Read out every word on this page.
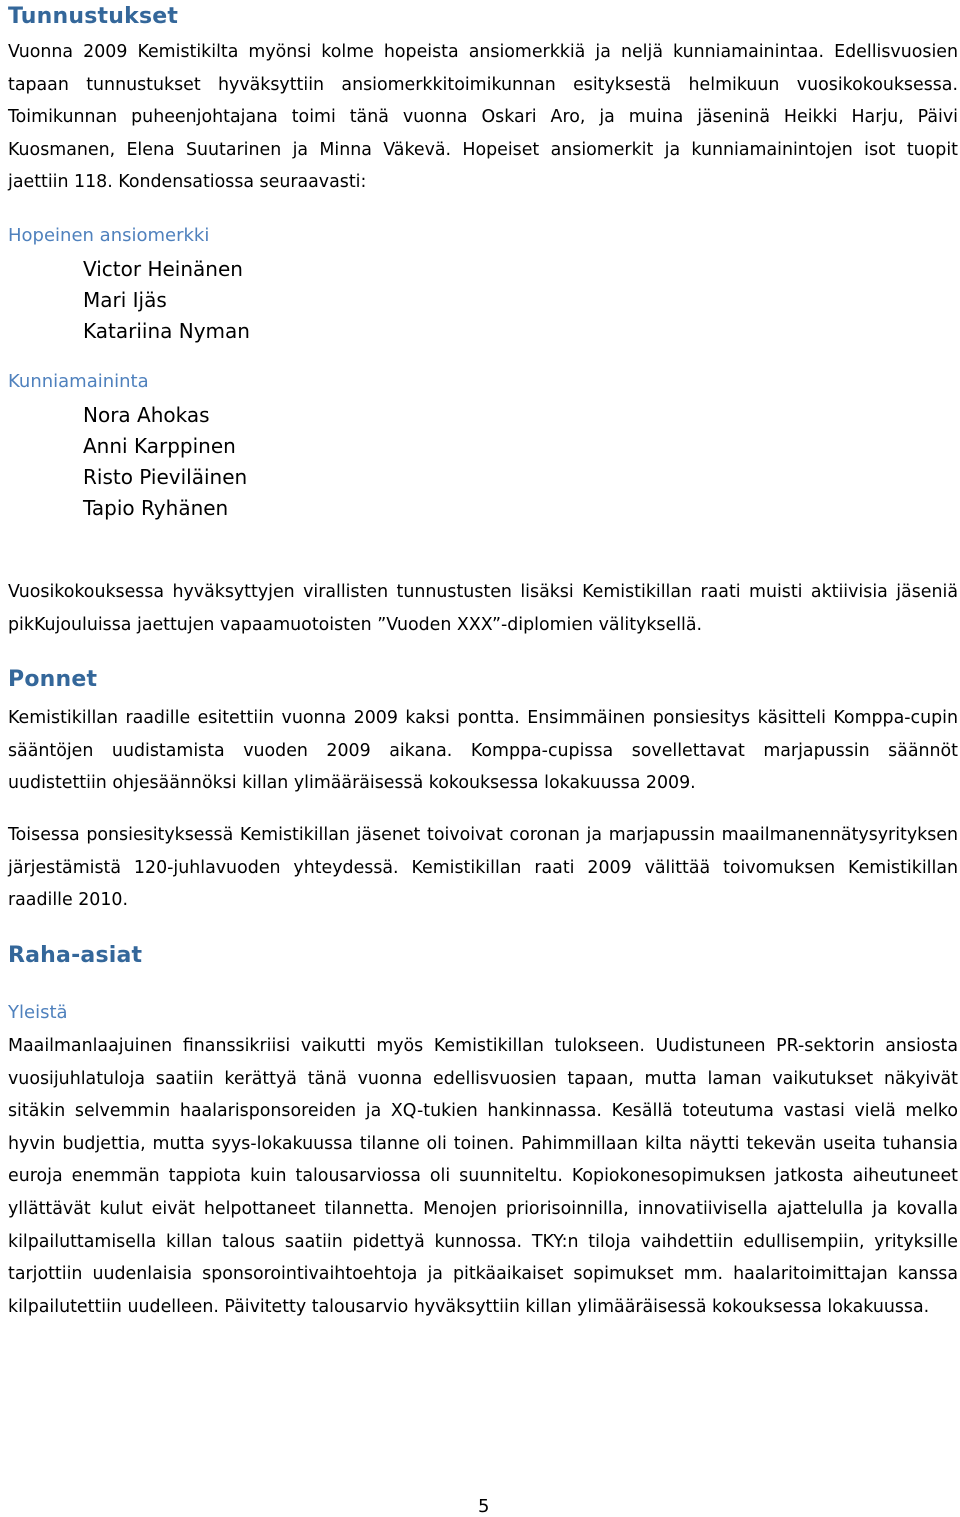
Tunnustukset

Vuonna 2009 Kemistikilta myönsi kolme hopeista ansiomerkkiä ja neljä kunniamainintaa. Edellisvuosien tapaan tunnustukset hyväksyttiin ansiomerkkitoimikunnan esityksestä helmikuun vuosikokouksessa. Toimikunnan puheenjohtajana toimi tänä vuonna Oskari Aro, ja muina jäseninä Heikki Harju, Päivi Kuosmanen, Elena Suutarinen ja Minna Väkevä. Hopeiset ansiomerkit ja kunniamainintojen isot tuopit jaettiin 118. Kondensatiossa seuraavasti:

Hopeinen ansiomerkki
Victor Heinänen
Mari Ijäs
Katariina Nyman
Kunniamaininta
Nora Ahokas
Anni Karppinen
Risto Pieviläinen
Tapio Ryhänen

Vuosikokouksessa hyväksyttyjen virallisten tunnustusten lisäksi Kemistikillan raati muisti aktiivisia jäseniä pikKujouluissa jaettujen vapaamuotoisten ”Vuoden XXX”-diplomien välityksellä.

Ponnet

Kemistikillan raadille esitettiin vuonna 2009 kaksi pontta. Ensimmäinen ponsiesitys käsitteli Komppa-cupin sääntöjen uudistamista vuoden 2009 aikana. Komppa-cupissa sovellettavat marjapussin säännöt uudistettiin ohjesäännöksi killan ylimääräisessä kokouksessa lokakuussa 2009.

Toisessa ponsiesityksessä Kemistikillan jäsenet toivoivat coronan ja marjapussin maailmanennätysyrityksen järjestämistä 120-juhlavuoden yhteydessä. Kemistikillan raati 2009 välittää toivomuksen Kemistikillan raadille 2010.

Raha-asiat
Yleistä

Maailmanlaajuinen finanssikriisi vaikutti myös Kemistikillan tulokseen. Uudistuneen PR-sektorin ansiosta vuosijuhlatuloja saatiin kerättyä tänä vuonna edellisvuosien tapaan, mutta laman vaikutukset näkyivät sitäkin selvemmin haalarisponsoreiden ja XQ-tukien hankinnassa. Kesällä toteutuma vastasi vielä melko hyvin budjettia, mutta syys-lokakuussa tilanne oli toinen. Pahimmillaan kilta näytti tekevän useita tuhansia euroja enemmän tappiota kuin talousarviossa oli suunniteltu. Kopiokonesopimuksen jatkosta aiheutuneet yllättävät kulut eivät helpottaneet tilannetta. Menojen priorisoinnilla, innovatiivisella ajattelulla ja kovalla kilpailuttamisella killan talous saatiin pidettyä kunnossa. TKY:n tiloja vaihdettiin edullisempiin, yrityksille tarjottiin uudenlaisia sponsorointivaihtoehtoja ja pitkäaikaiset sopimukset mm. haalaritoimittajan kanssa kilpailutettiin uudelleen. Päivitetty talousarvio hyväksyttiin killan ylimääräisessä kokouksessa lokakuussa.

5
